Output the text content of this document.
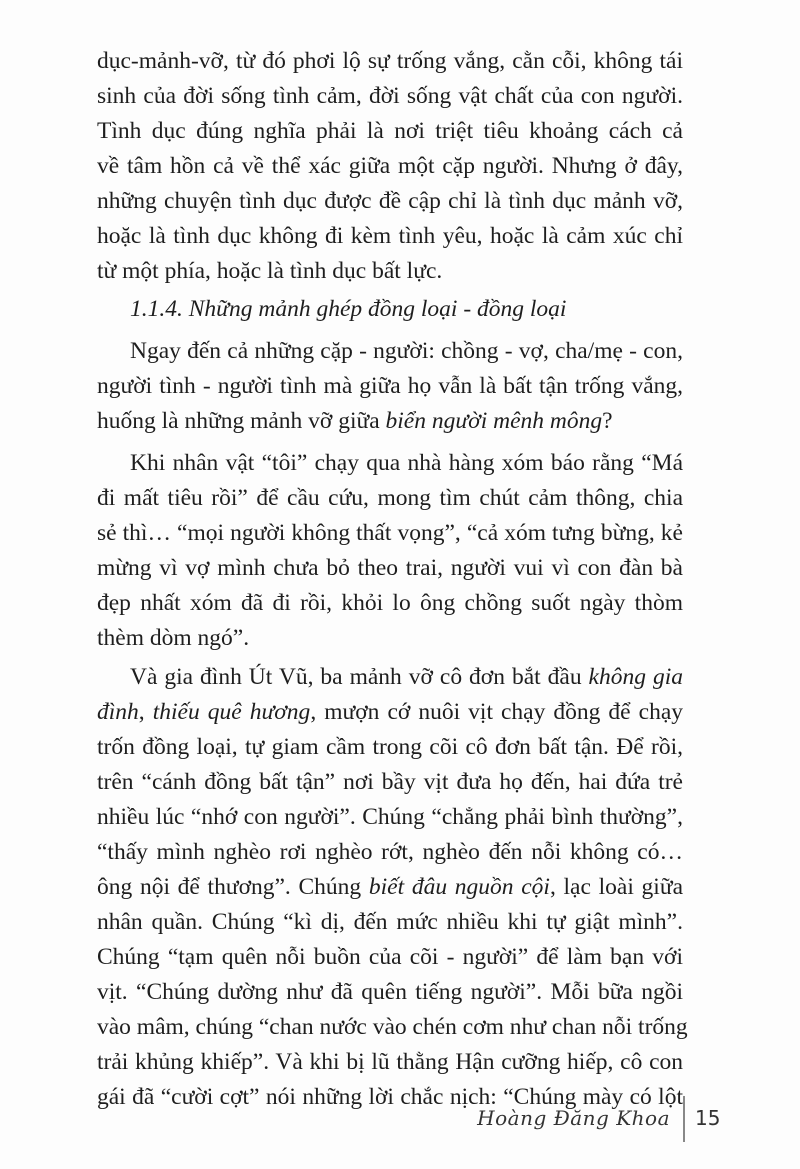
dục-mảnh-vỡ, từ đó phơi lộ sự trống vắng, cằn cỗi, không tái
sinh của đời sống tình cảm, đời sống vật chất của con người.
Tình dục đúng nghĩa phải là nơi triệt tiêu khoảng cách cả
về tâm hồn cả về thể xác giữa một cặp người. Nhưng ở đây,
những chuyện tình dục được đề cập chỉ là tình dục mảnh vỡ,
hoặc là tình dục không đi kèm tình yêu, hoặc là cảm xúc chỉ
từ một phía, hoặc là tình dục bất lực.
1.1.4. Những mảnh ghép đồng loại - đồng loại
Ngay đến cả những cặp - người: chồng - vợ, cha/mẹ - con,
người tình - người tình mà giữa họ vẫn là bất tận trống vắng,
huống là những mảnh vỡ giữa biển người mênh mông?
Khi nhân vật “tôi” chạy qua nhà hàng xóm báo rằng “Má
đi mất tiêu rồi” để cầu cứu, mong tìm chút cảm thông, chia
sẻ thì… “mọi người không thất vọng”, “cả xóm tưng bừng, kẻ
mừng vì vợ mình chưa bỏ theo trai, người vui vì con đàn bà
đẹp nhất xóm đã đi rồi, khỏi lo ông chồng suốt ngày thòm
thèm dòm ngó”.
Và gia đình Út Vũ, ba mảnh vỡ cô đơn bắt đầu không gia
đình, thiếu quê hương, mượn cớ nuôi vịt chạy đồng để chạy
trốn đồng loại, tự giam cầm trong cõi cô đơn bất tận. Để rồi,
trên “cánh đồng bất tận” nơi bầy vịt đưa họ đến, hai đứa trẻ
nhiều lúc “nhớ con người”. Chúng “chẳng phải bình thường”,
“thấy mình nghèo rơi nghèo rớt, nghèo đến nỗi không có…
ông nội để thương”. Chúng biết đâu nguồn cội, lạc loài giữa
nhân quần. Chúng “kì dị, đến mức nhiều khi tự giật mình”.
Chúng “tạm quên nỗi buồn của cõi - người” để làm bạn với
vịt. “Chúng dường như đã quên tiếng người”. Mỗi bữa ngồi
vào mâm, chúng “chan nước vào chén cơm như chan nỗi trống
trải khủng khiếp”. Và khi bị lũ thằng Hận cưỡng hiếp, cô con
gái đã “cười cợt” nói những lời chắc nịch: “Chúng mày có lột
Hoàng Đăng Khoa 15
